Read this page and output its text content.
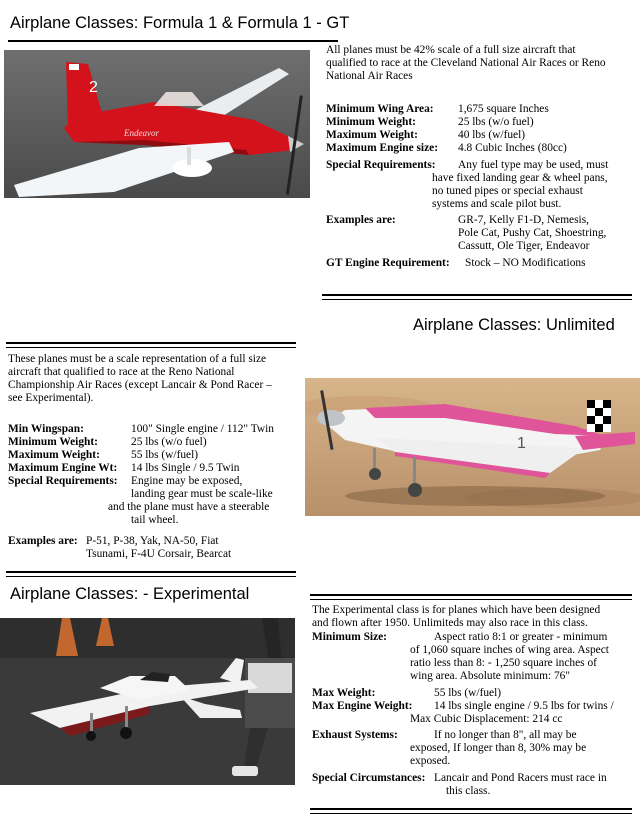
Airplane Classes: Formula 1 & Formula 1 - GT
2
Endeavor
All planes must be 42% scale of a full size aircraft that
qualified to race at the Cleveland National Air Races or Reno
National Air Races
Minimum Wing Area: 1,675 square Inches
Minimum Weight:	25 lbs (w/o fuel)
Maximum Weight:	40 lbs (w/fuel)
Maximum Engine size: 4.8 Cubic Inches (80cc)
Special Requirements: Any fuel type may be used, must
have fixed landing gear & wheel pans,
no tuned pipes or special exhaust
systems and scale pilot bust.
Examples are:	GR-7, Kelly F1-D, Nemesis,
Pole Cat, Pushy Cat, Shoestring,
Cassutt, Ole Tiger, Endeavor
GT Engine Requirement: Stock – NO Modifications
Airplane Classes: Unlimited
These planes must be a scale representation of a full size
aircraft that qualified to race at the Reno National
Championship Air Races (except Lancair & Pond Racer –
see Experimental).
Min Wingspan:	100" Single engine / 112" Twin
Minimum Weight:	25 lbs (w/o fuel)
Maximum Weight:	55 lbs (w/fuel)
Maximum Engine Wt: 14 lbs Single / 9.5 Twin
Special Requirements: Engine may be exposed,
landing gear must be scale-like
and the plane must have a steerable
tail wheel.
Examples are: P-51, P-38, Yak, NA-50, Fiat
Tsunami, F-4U Corsair, Bearcat
1
Airplane Classes: - Experimental
The Experimental class is for planes which have been designed
and flown after 1950. Unlimiteds may also race in this class.
Minimum Size:	Aspect ratio 8:1 or greater - minimum
of 1,060 square inches of wing area. Aspect
ratio less than 8: - 1,250 square inches of
wing area. Absolute minimum: 76"
Max Weight:	55 lbs (w/fuel)
Max Engine Weight: 14 lbs single engine / 9.5 lbs for twins /
Max Cubic Displacement: 214 cc
Exhaust Systems:	If no longer than 8", all may be
exposed, If longer than 8, 30% may be
exposed.
Special Circumstances: Lancair and Pond Racers must race in
this class.
